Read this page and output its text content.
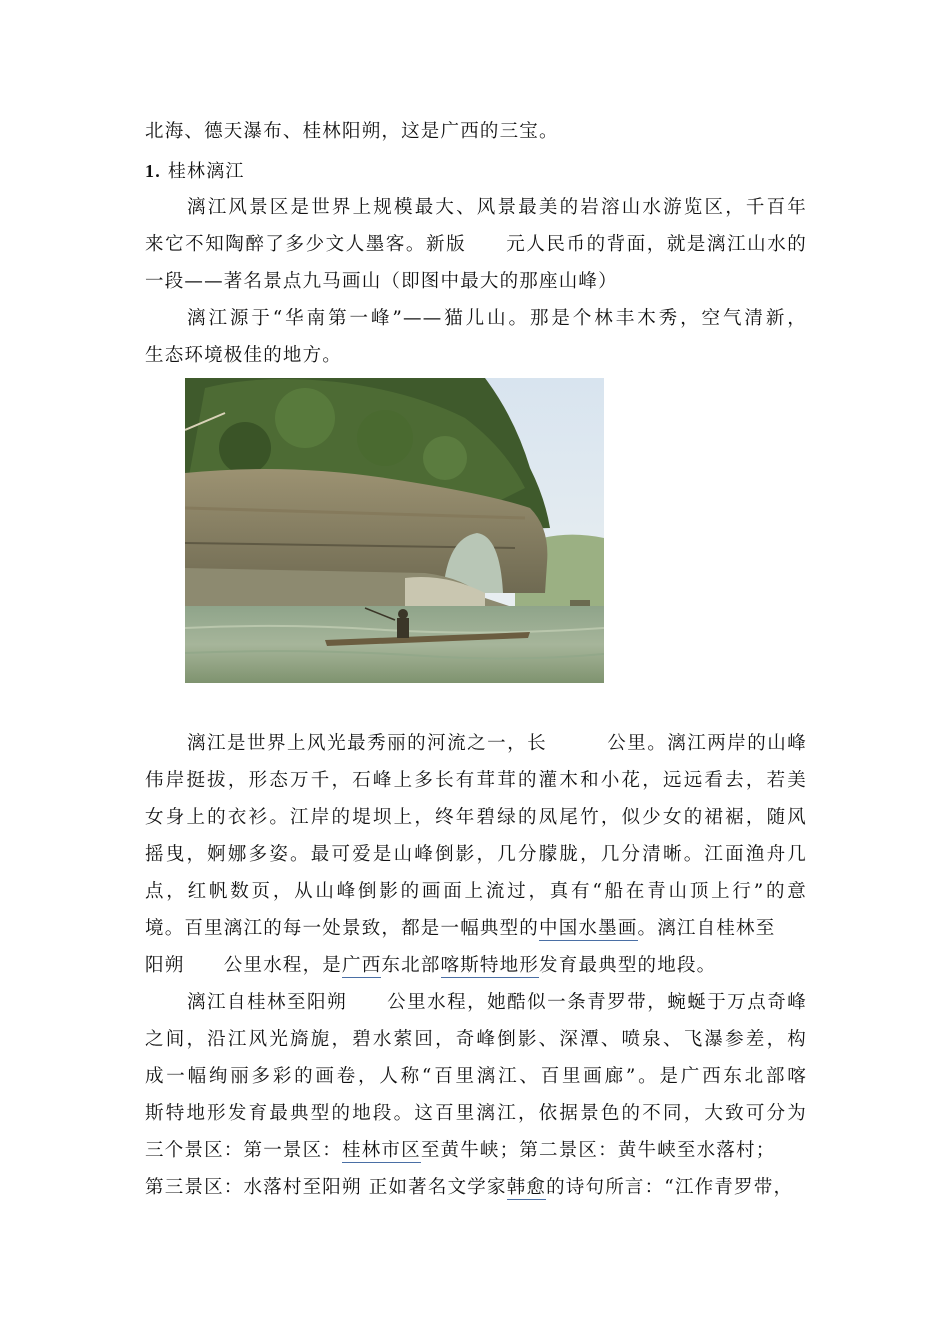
北海、德天瀑布、桂林阳朔，这是广西的三宝。
1. 桂林漓江
漓江风景区是世界上规模最大、风景最美的岩溶山水游览区，千百年
来它不知陶醉了多少文人墨客。新版　　元人民币的背面，就是漓江山水的
一段——著名景点九马画山（即图中最大的那座山峰）
漓江源于“华南第一峰”——猫儿山。那是个林丰木秀，空气清新，
生态环境极佳的地方。
漓江是世界上风光最秀丽的河流之一，长　　　公里。漓江两岸的山峰
伟岸挺拔，形态万千，石峰上多长有茸茸的灌木和小花，远远看去，若美
女身上的衣衫。江岸的堤坝上，终年碧绿的凤尾竹，似少女的裙裾，随风
摇曳，婀娜多姿。最可爱是山峰倒影，几分朦胧，几分清晰。江面渔舟几
点，红帆数页，从山峰倒影的画面上流过，真有“船在青山顶上行”的意
境。百里漓江的每一处景致，都是一幅典型的中国水墨画。漓江自桂林至
阳朔　　公里水程，是广西东北部喀斯特地形发育最典型的地段。
漓江自桂林至阳朔　　公里水程，她酷似一条青罗带，蜿蜒于万点奇峰
之间，沿江风光旖旎，碧水萦回，奇峰倒影、深潭、喷泉、飞瀑参差，构
成一幅绚丽多彩的画卷，人称“百里漓江、百里画廊”。是广西东北部喀
斯特地形发育最典型的地段。这百里漓江，依据景色的不同，大致可分为
三个景区：第一景区：桂林市区至黄牛峡；第二景区：黄牛峡至水落村；
第三景区：水落村至阳朔 正如著名文学家韩愈的诗句所言：“江作青罗带，
